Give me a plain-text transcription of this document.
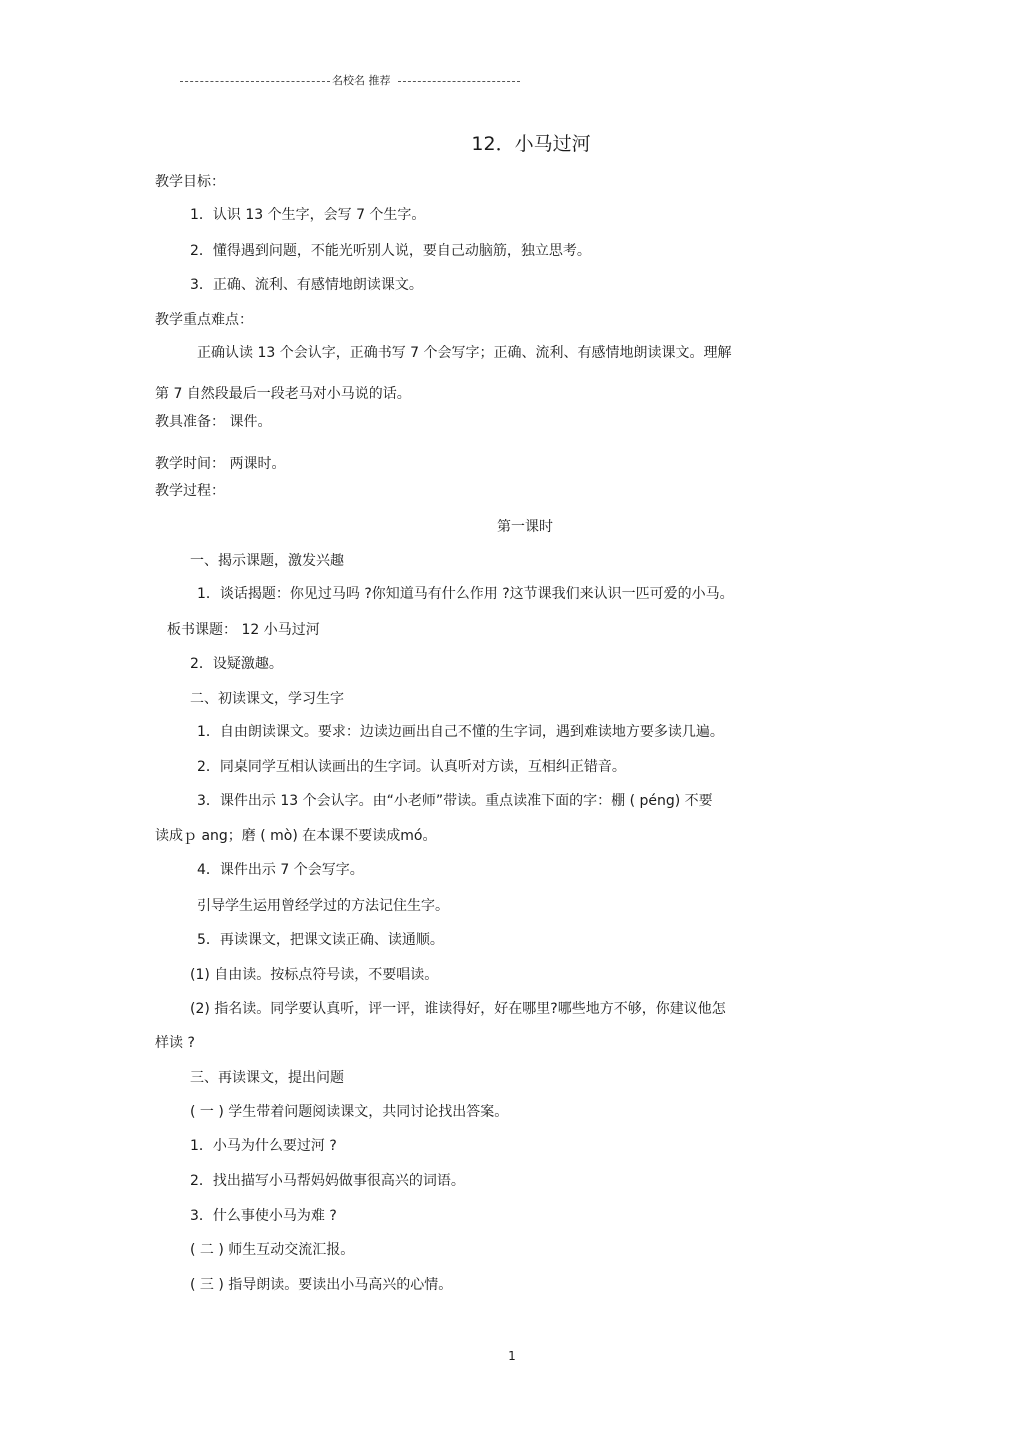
名校名 推荐
12．小马过河
教学目标：
1．认识 13 个生字，会写 7 个生字。
2．懂得遇到问题，不能光听别人说，要自己动脑筋，独立思考。
3．正确、流利、有感情地朗读课文。
教学重点难点：
正确认读 13 个会认字，正确书写 7 个会写字；正确、流利、有感情地朗读课文。理解
第 7 自然段最后一段老马对小马说的话。
教具准备： 课件。
教学时间： 两课时。
教学过程：
第一课时
一、揭示课题，激发兴趣
1．谈话揭题：你见过马吗 ?你知道马有什么作用 ?这节课我们来认识一匹可爱的小马。
板书课题： 12 小马过河
2．设疑激趣。
二、初读课文，学习生字
1．自由朗读课文。要求：边读边画出自己不懂的生字词，遇到难读地方要多读几遍。
2．同桌同学互相认读画出的生字词。认真听对方读，互相纠正错音。
3．课件出示 13 个会认字。由“小老师”带读。重点读准下面的字：棚 ( péng) 不要
读成ｐ ang；磨 ( mò) 在本课不要读成mó。
4．课件出示 7 个会写字。
引导学生运用曾经学过的方法记住生字。
5．再读课文，把课文读正确、读通顺。
(1) 自由读。按标点符号读，不要唱读。
(2) 指名读。同学要认真听，评一评，谁读得好，好在哪里?哪些地方不够，你建议他怎
样读 ?
三、再读课文，提出问题
( 一 ) 学生带着问题阅读课文，共同讨论找出答案。
1．小马为什么要过河 ?
2．找出描写小马帮妈妈做事很高兴的词语。
3．什么事使小马为难 ?
( 二 ) 师生互动交流汇报。
( 三 ) 指导朗读。要读出小马高兴的心情。
1
